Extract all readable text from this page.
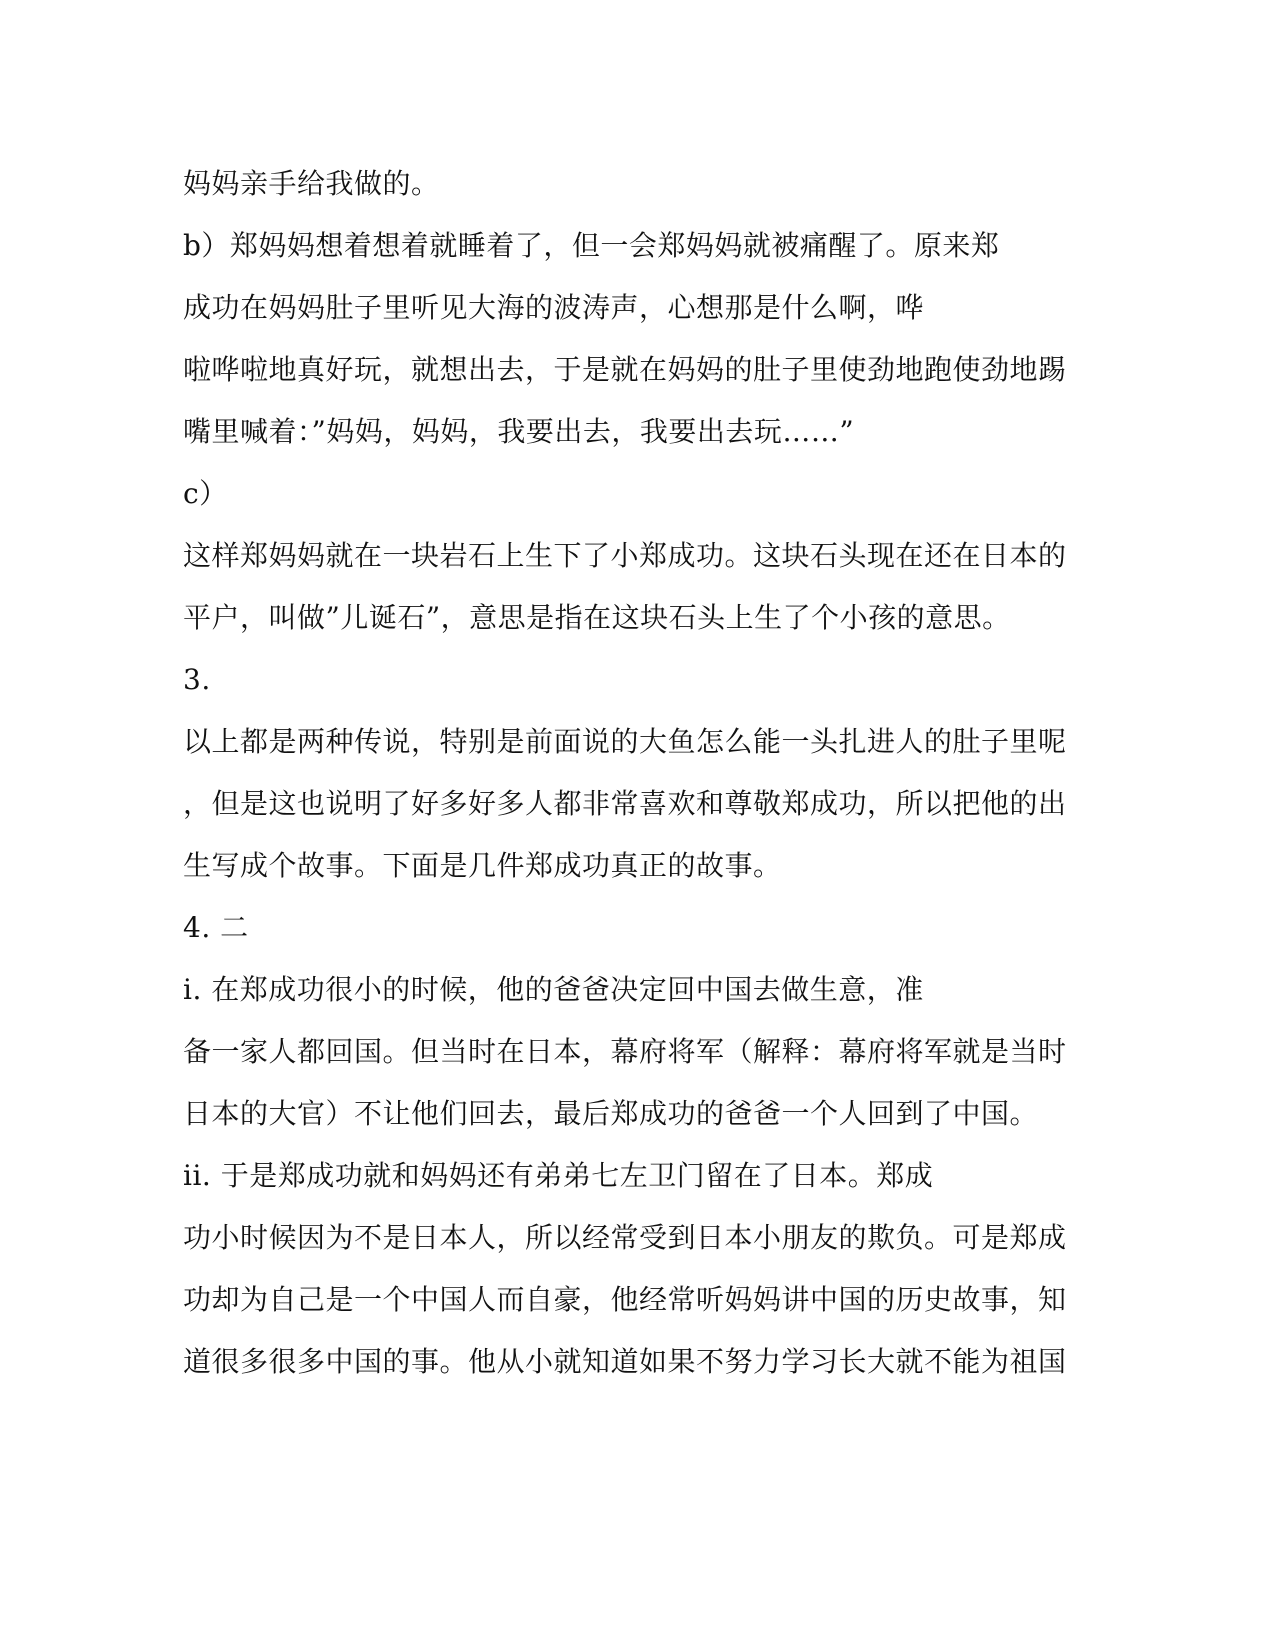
妈妈亲手给我做的。
b）郑妈妈想着想着就睡着了，但一会郑妈妈就被痛醒了。原来郑
成功在妈妈肚子里听见大海的波涛声，心想那是什么啊，哗
啦哗啦地真好玩，就想出去，于是就在妈妈的肚子里使劲地跑使劲地踢
嘴里喊着：”妈妈，妈妈，我要出去，我要出去玩……”
c）
这样郑妈妈就在一块岩石上生下了小郑成功。这块石头现在还在日本的
平户，叫做”儿诞石”，意思是指在这块石头上生了个小孩的意思。
3.
以上都是两种传说，特别是前面说的大鱼怎么能一头扎进人的肚子里呢
，但是这也说明了好多好多人都非常喜欢和尊敬郑成功，所以把他的出
生写成个故事。下面是几件郑成功真正的故事。
4. 二
i. 在郑成功很小的时候，他的爸爸决定回中国去做生意，准
备一家人都回国。但当时在日本，幕府将军（解释：幕府将军就是当时
日本的大官）不让他们回去，最后郑成功的爸爸一个人回到了中国。
ii. 于是郑成功就和妈妈还有弟弟七左卫门留在了日本。郑成
功小时候因为不是日本人，所以经常受到日本小朋友的欺负。可是郑成
功却为自己是一个中国人而自豪，他经常听妈妈讲中国的历史故事，知
道很多很多中国的事。他从小就知道如果不努力学习长大就不能为祖国
